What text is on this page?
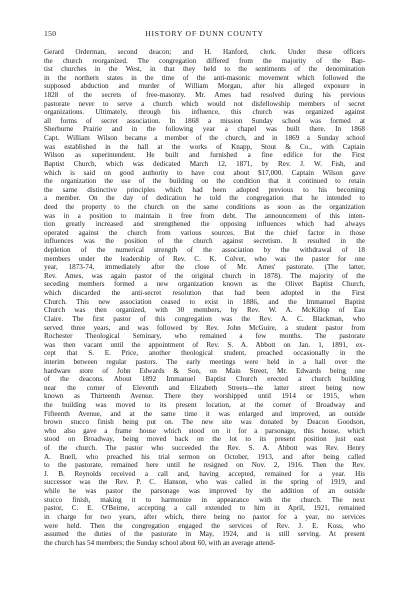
150	HISTORY OF DUNN COUNTY
Gerard Orderman, second deacon; and H. Hanford, clerk. Under these officers
the church reorganized. The congregation differed from the majority of the Bap-
tist churches in the West, in that they held to the sentiments of the denomination
in the northern states in the time of the anti-masonic movement which followed the
supposed abduction and murder of William Morgan, after his alleged exposure in
1828 of the secrets of free-masonry. Mr. Ames had resolved during his previous
pastorate never to serve a church which would not disfellowship members of secret
organizations. Ultimately, through his influence, this church was organized against
all forms of secret association. In 1868 a mission Sunday school was formed at
Sherburne Prairie and in the following year a chapel was built there. In 1868
Capt. William Wilson became a member of the church, and in 1869 a Sunday school
was established in the hall at the works of Knapp, Stout & Co., with Captain
Wilson as superintendent. He built and furnished a fine edifice for the First
Baptist Church, which was dedicated March 12, 1871, by Rev. J. W. Fish, and
which is said on good authority to have cost about $17,000. Captain Wilson gave
the organization the use of the building on the condition that it continued to retain
the same distinctive principles which had been adopted previous to his becoming
a member. On the day of dedication he told the congregation that he intended to
deed the property to the church on the same conditions as soon as the organization
was in a position to maintain it free from debt. The announcement of this inten-
tion greatly increased and strengthened the opposing influences which had always
operated against the church from various sources. But the chief factor in those
influences was the position of the church against secretism. It resulted in the
depletion of the numerical strength of the association by the withdrawal of 18
members under the leadership of Rev. C. K. Colver, who was the pastor for one
year, 1873-74, immediately after the close of Mr. Ames' pastorate. (The latter,
Rev. Ames, was again pastor of the original church in 1878). The majority of the
seceding members formed a new organization known as the Olivet Baptist Church,
which discarded the anti-secret resolution that had been adopted in the First
Church. This new association ceased to exist in 1886, and the Immanuel Baptist
Church was then organized, with 30 members, by Rev. W. A. McKillop of Eau
Claire. The first pastor of this congregation was the Rev. A. C. Blackman, who
served three years, and was followed by Rev. John McGuire, a student pastor from
Rochester Theological Seminary, who remained a few months. The pastorate
was then vacant until the appointment of Rev. S. A. Abbott on Jan. 1, 1891, ex-
cept that S. E. Price, another theological student, preached occasionally in the
interim between regular pastors. The early meetings were held in a hall over the
hardware store of John Edwards & Son, on Main Street, Mr. Edwards being one
of the deacons. About 1892 Immanuel Baptist Church erected a church building
near the corner of Eleventh and Elizabeth Streets—the latter street being now
known as Thirteenth Avenue. There they worshipped until 1914 or 1915, when
the building was moved to its present location, at the corner of Broadway and
Fifteenth Avenue, and at the same time it was enlarged and improved, an outside
brown stucco finish being put on. The new site was donated by Deacon Goodson,
who also gave a frame house which stood on it for a parsonage, this house, which
stood on Broadway, being moved back on the lot to its present position just east
of the church. The pastor who succeeded the Rev. S. A. Abbott was Rev. Henry
A. Buell, who preached his trial sermon on October, 1913, and after being called
to the pastorate, remained here until he resigned on Nov. 2, 1916. Then the Rev.
J. B. Reynolds received a call and, having accepted, remained for a year. His
successor was the Rev. P. C. Hanson, who was called in the spring of 1919, and
while he was pastor the parsonage was improved by the addition of an outside
stucco finish, making it to harmonize in appearance with the church. The next
pastor, C. E. O'Beirne, accepting a call extended to him in April, 1921, remained
in charge for two years, after which, there being no pastor for a year, no services
were held. Then the congregation engaged the services of Rev. J. E. Koss, who
assumed the duties of the pastorate in May, 1924, and is still serving. At present
the church has 54 members; the Sunday school about 60, with an average attend-
